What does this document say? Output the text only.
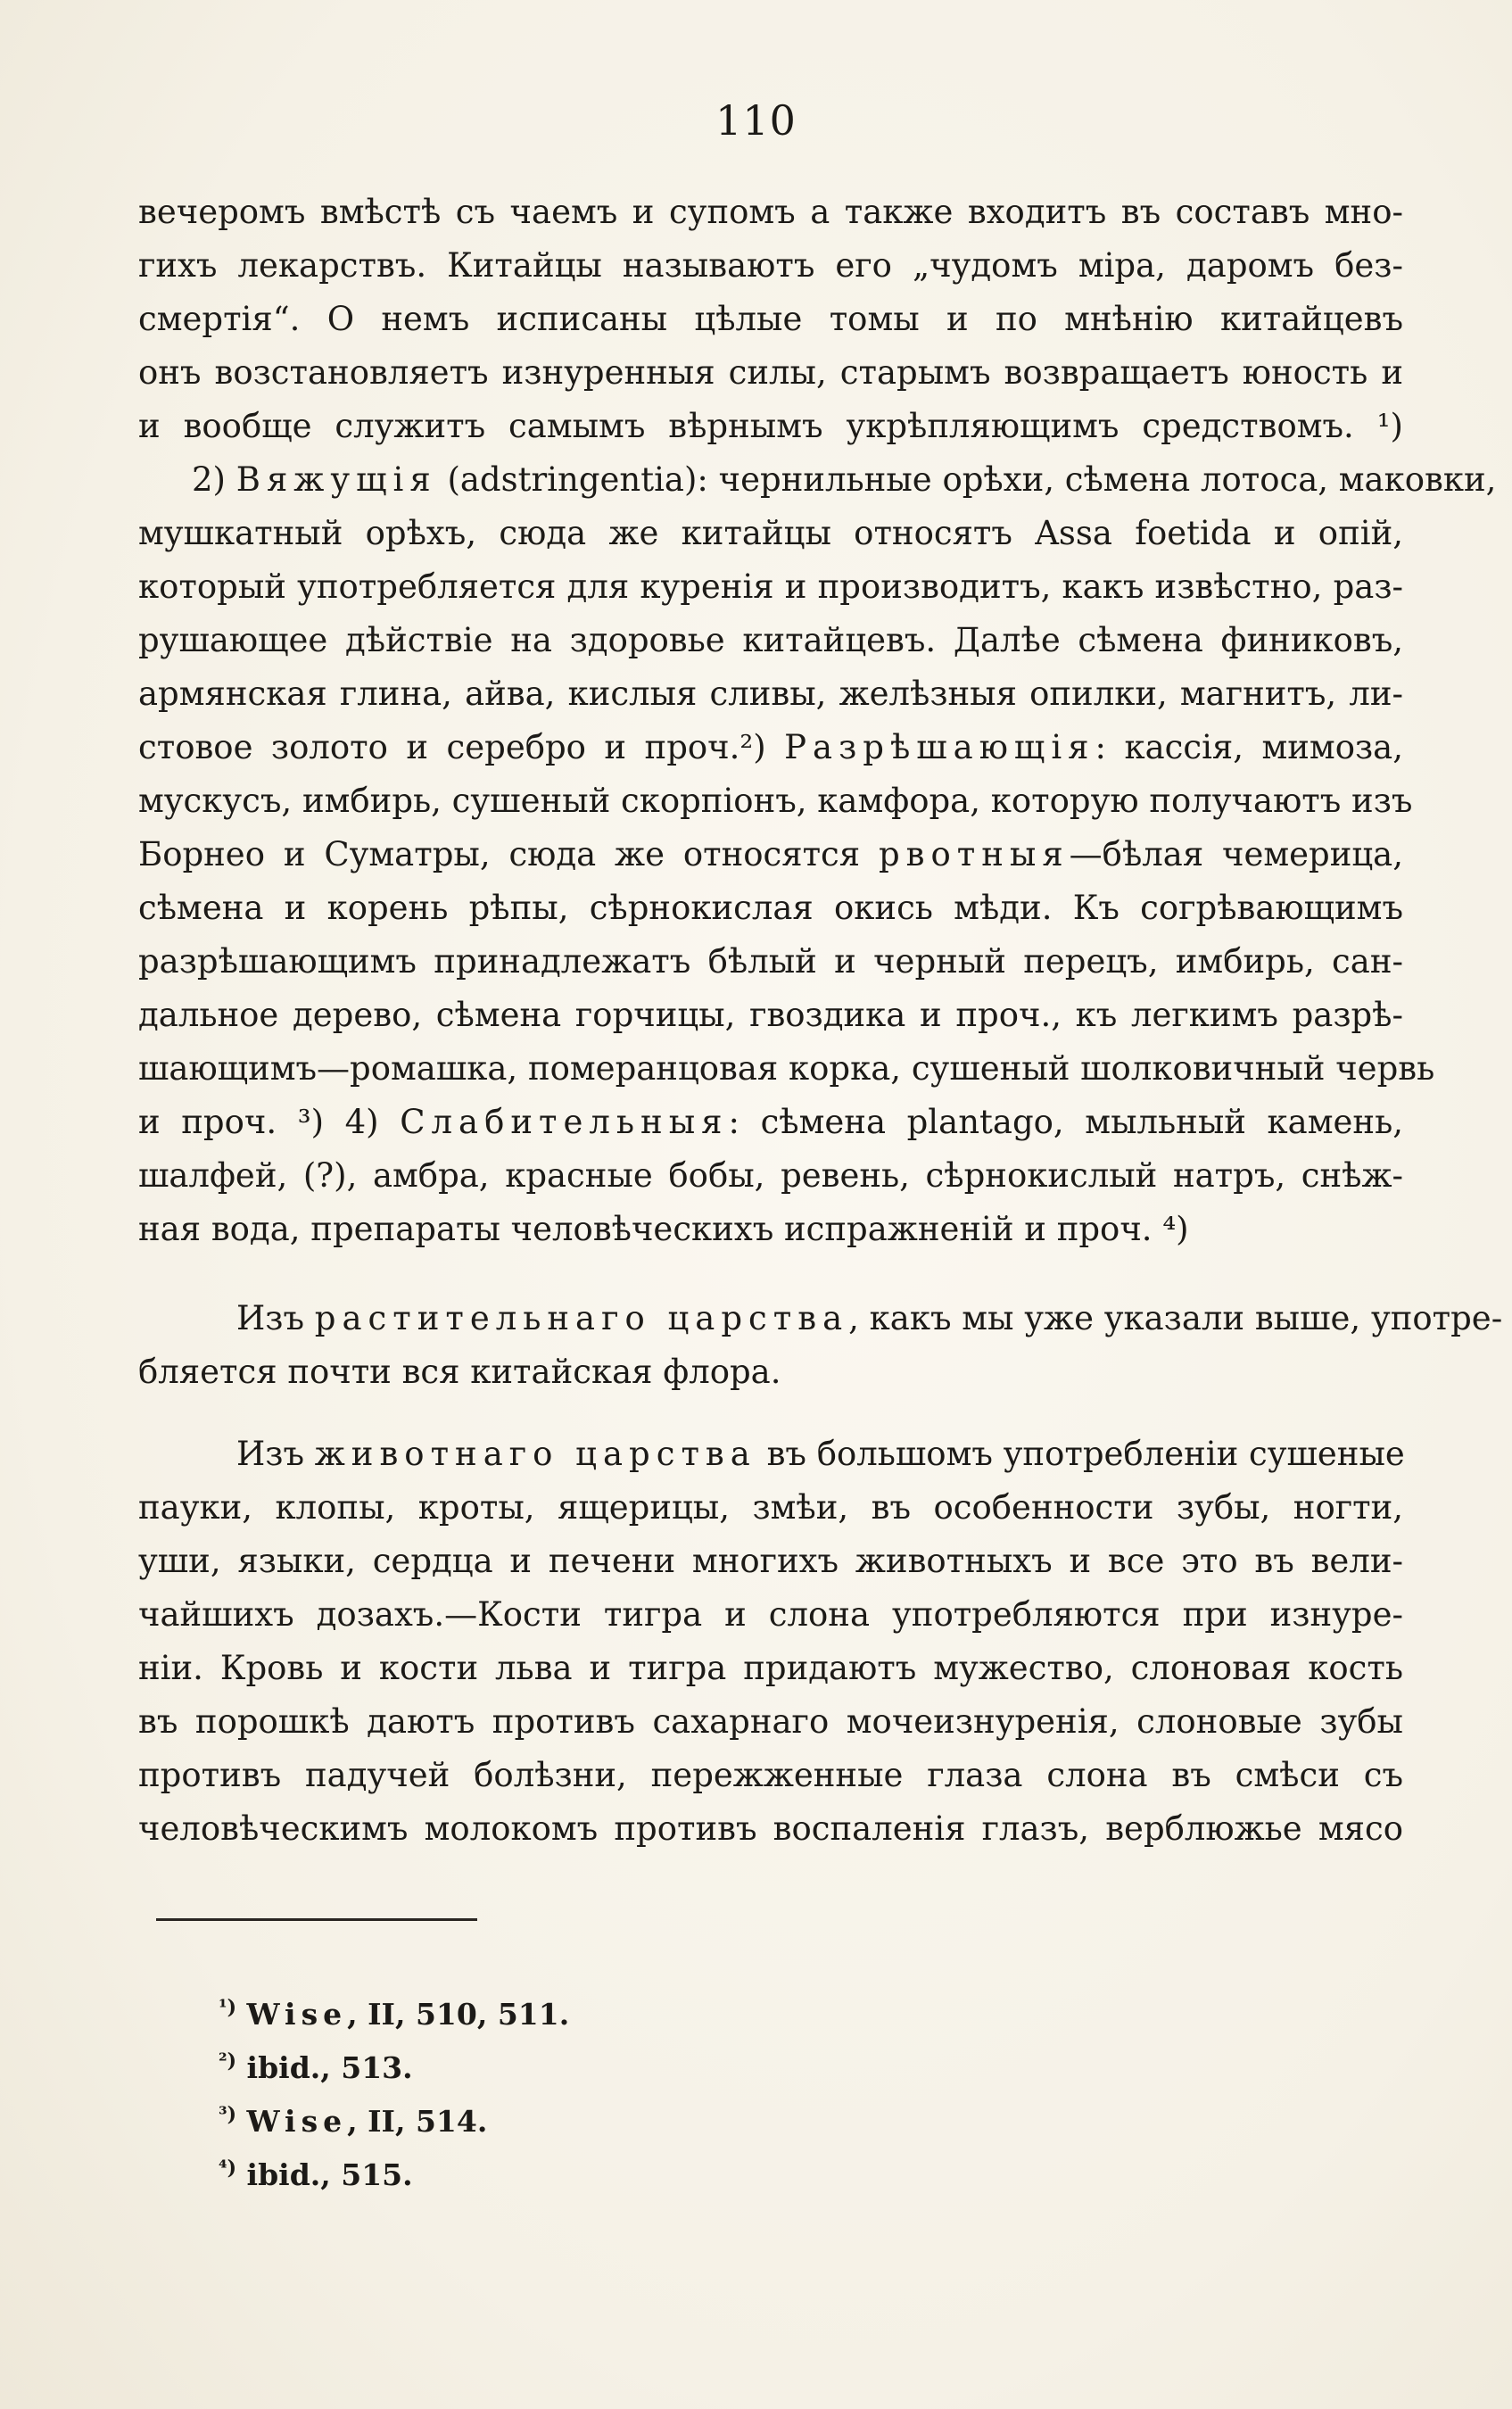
110
вечеромъ вмѣстѣ съ чаемъ и супомъ а также входитъ въ составъ мно-
гихъ лекарствъ. Китайцы называютъ его „чудомъ міра, даромъ без-
смертія“. О немъ исписаны цѣлые томы и по мнѣнію китайцевъ
онъ возстановляетъ изнуренныя силы, старымъ возвращаетъ юность и
и вообще служитъ самымъ вѣрнымъ укрѣпляющимъ средствомъ. ¹)
2) Вяжущія (adstringentia): чернильные орѣхи, сѣмена лотоса, маковки,
мушкатный орѣхъ, сюда же китайцы относятъ Assa foetida и опій,
который употребляется для куренія и производитъ, какъ извѣстно, раз-
рушающее дѣйствіе на здоровье китайцевъ. Далѣе сѣмена финиковъ,
армянская глина, айва, кислыя сливы, желѣзныя опилки, магнитъ, ли-
стовое золото и серебро и проч.²) Разрѣшающія: кассія, мимоза,
мускусъ, имбирь, сушеный скорпіонъ, камфора, которую получаютъ изъ
Борнео и Суматры, сюда же относятся рвотныя—бѣлая чемерица,
сѣмена и корень рѣпы, сѣрнокислая окись мѣди. Къ согрѣвающимъ
разрѣшающимъ принадлежатъ бѣлый и черный перецъ, имбирь, сан-
дальное дерево, сѣмена горчицы, гвоздика и проч., къ легкимъ разрѣ-
шающимъ—ромашка, померанцовая корка, сушеный шолковичный червь
и проч. ³) 4) Слабительныя: сѣмена plantago, мыльный камень,
шалфей, (?), амбра, красные бобы, ревень, сѣрнокислый натръ, снѣж-
ная вода, препараты человѣческихъ испражненій и проч. ⁴)
Изъ растительнаго царства, какъ мы уже указали выше, употре-
бляется почти вся китайская флора.
Изъ животнаго царства въ большомъ употребленіи сушеные
пауки, клопы, кроты, ящерицы, змѣи, въ особенности зубы, ногти,
уши, языки, сердца и печени многихъ животныхъ и все это въ вели-
чайшихъ дозахъ.—Кости тигра и слона употребляются при изнуре-
ніи. Кровь и кости льва и тигра придаютъ мужество, слоновая кость
въ порошкѣ даютъ противъ сахарнаго мочеизнуренія, слоновые зубы
противъ падучей болѣзни, пережженные глаза слона въ смѣси съ
человѣческимъ молокомъ противъ воспаленія глазъ, верблюжье мясо
$^{^1)}$ Wise, II, 510, 511.
$^{^2)}$ ibid., 513.
$^{^3)}$ Wise, II, 514.
$^{^4)}$ ibid., 515.
